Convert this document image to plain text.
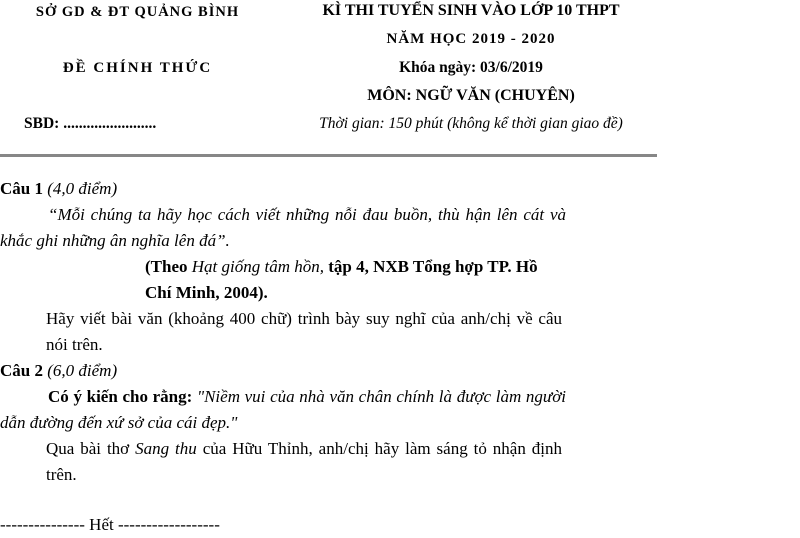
SỞ GD & ĐT QUẢNG BÌNH
ĐỀ CHÍNH THỨC
SBD: ........................
KÌ THI TUYỂN SINH VÀO LỚP 10 THPT
NĂM HỌC 2019 - 2020
Khóa ngày: 03/6/2019
MÔN: NGỮ VĂN (CHUYÊN)
Thời gian: 150 phút (không kể thời gian giao đề)

Câu 1 (4,0 điểm)

“Mỗi chúng ta hãy học cách viết những nỗi đau buồn, thù hận lên cát và khắc ghi những ân nghĩa lên đá”.

(Theo Hạt giống tâm hồn, tập 4, NXB Tổng hợp TP. Hồ Chí Minh, 2004).

Hãy viết bài văn (khoảng 400 chữ) trình bày suy nghĩ của anh/chị về câu nói trên.

Câu 2 (6,0 điểm)

Có ý kiến cho rằng: "Niềm vui của nhà văn chân chính là được làm người dẫn đường đến xứ sở của cái đẹp."

Qua bài thơ Sang thu của Hữu Thỉnh, anh/chị hãy làm sáng tỏ nhận định trên.

--------------- Hết ------------------
